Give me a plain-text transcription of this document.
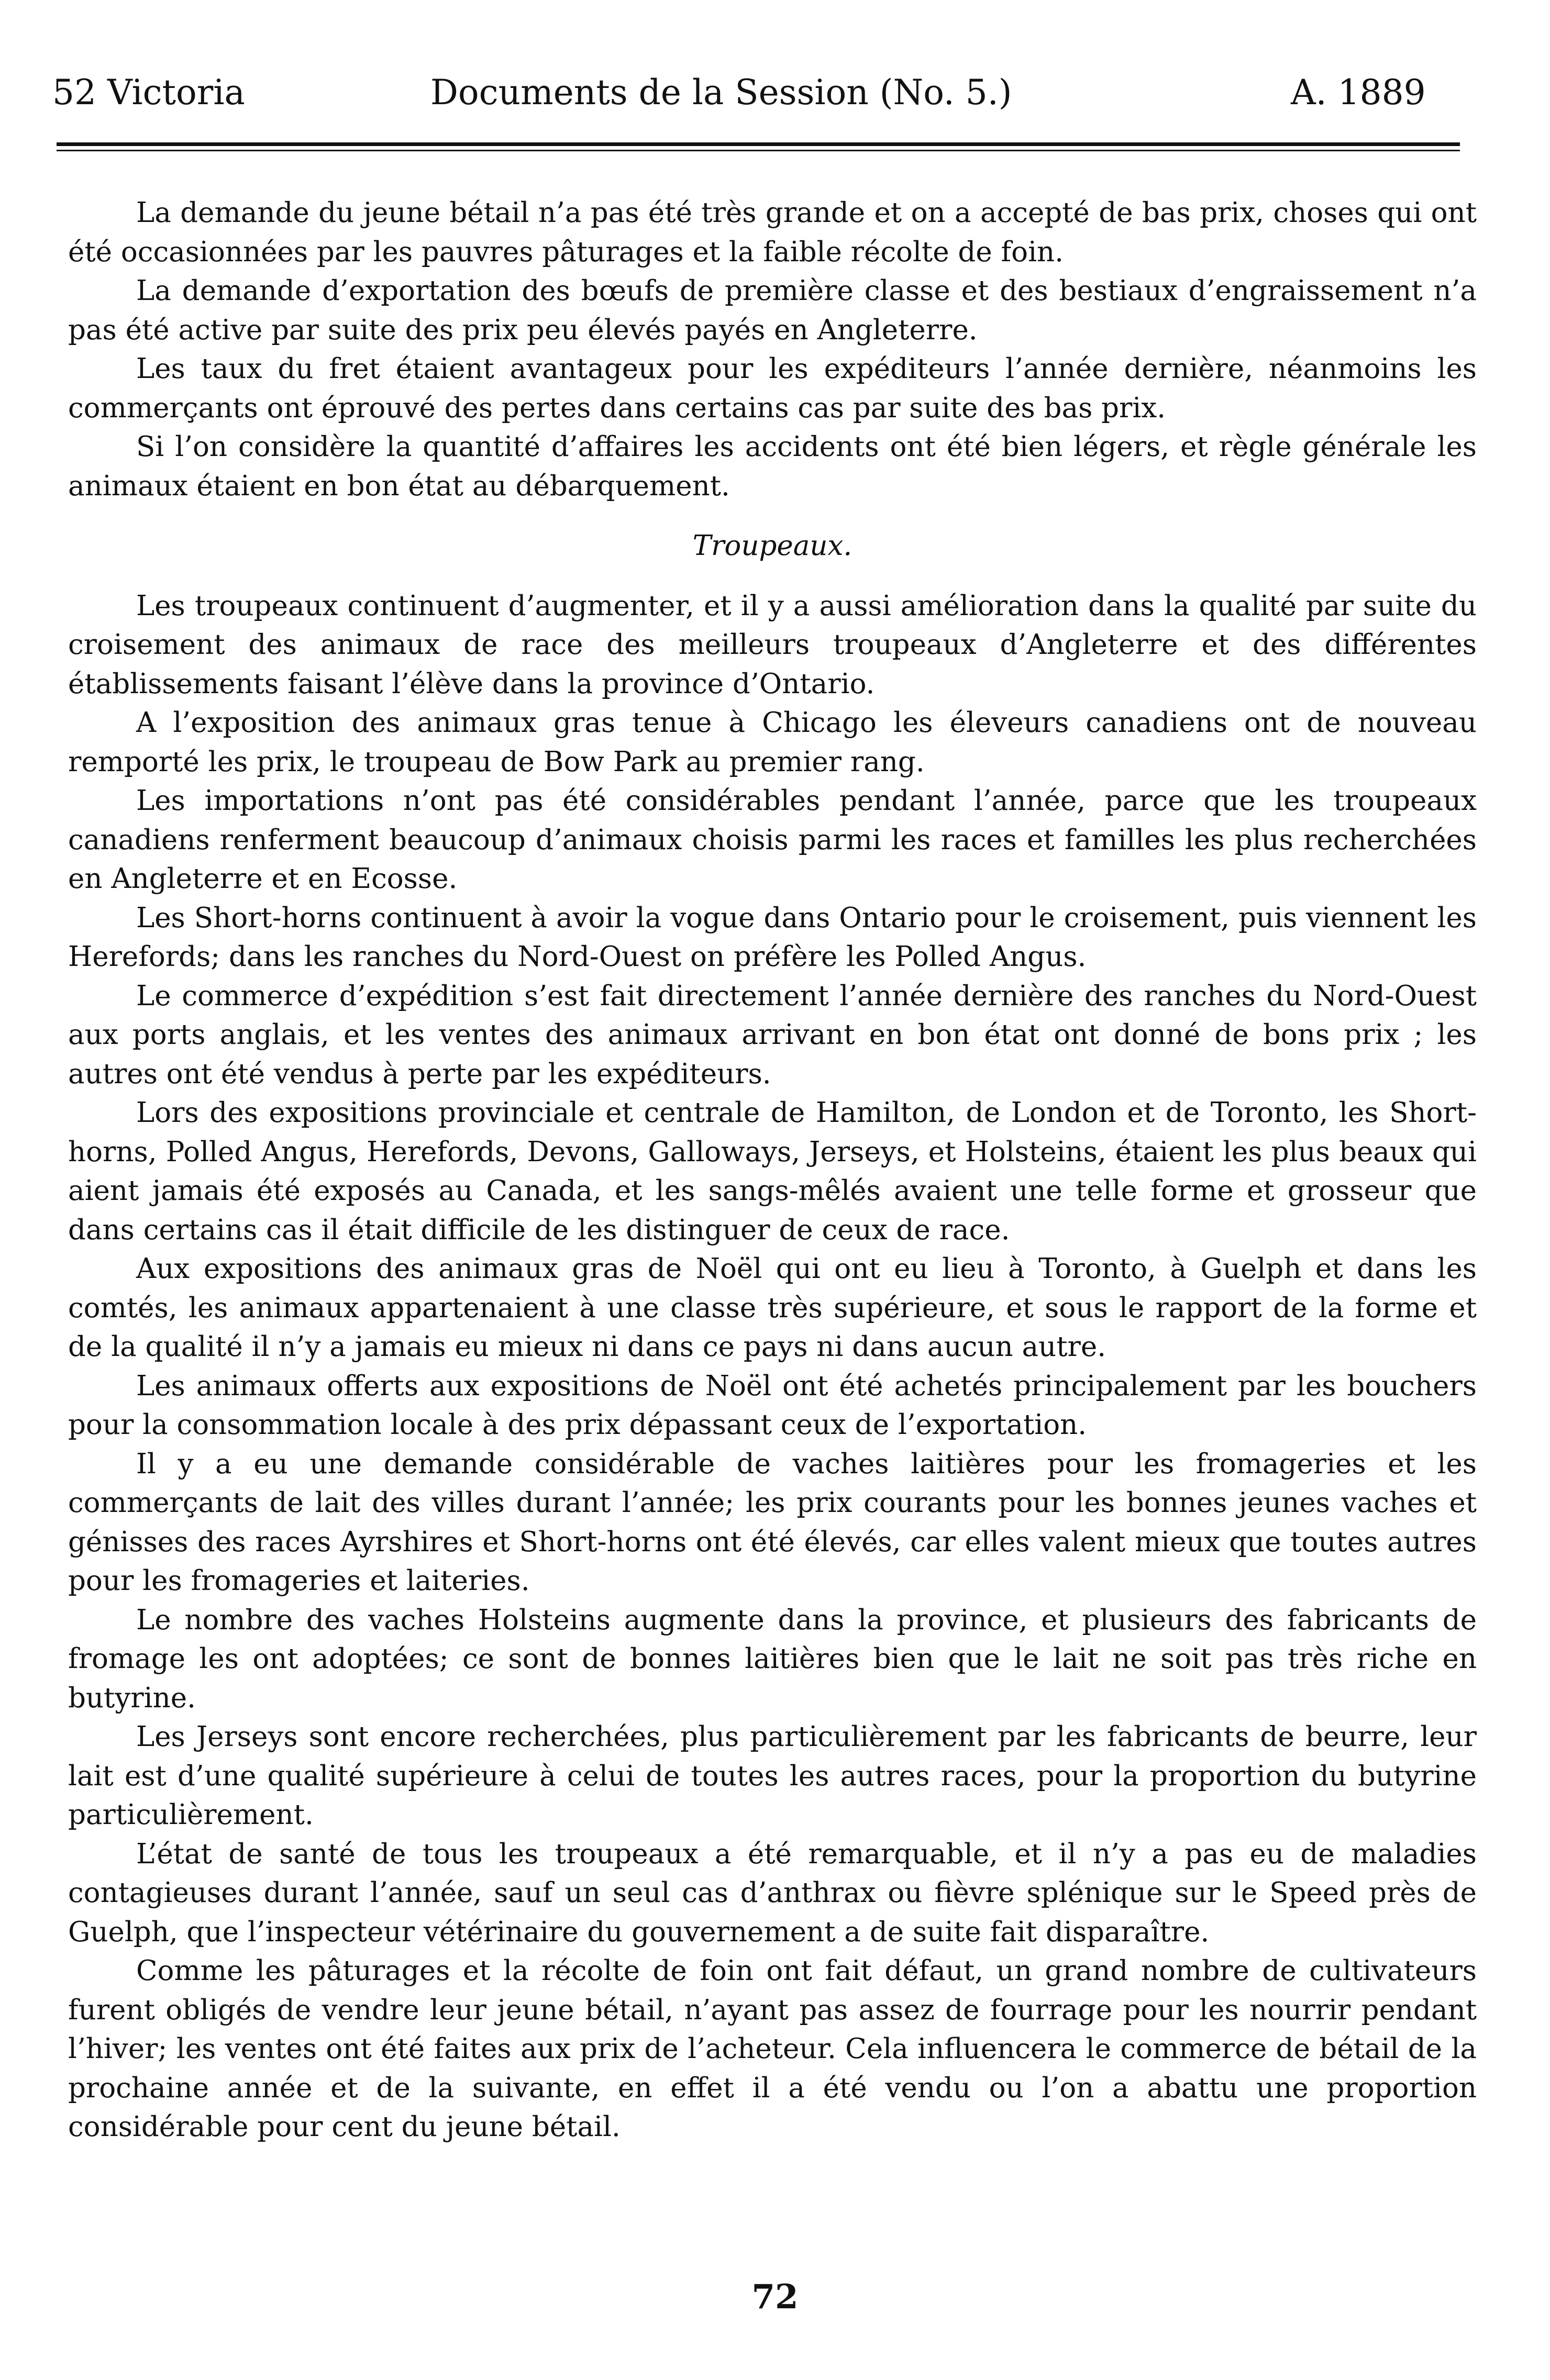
52 Victoria	Documents de la Session (No. 5.)	A. 1889

La demande du jeune bétail n’a pas été très grande et on a accepté de bas prix, choses qui ont été occasionnées par les pauvres pâturages et la faible récolte de foin.

La demande d’exportation des bœufs de première classe et des bestiaux d’engraissement n’a pas été active par suite des prix peu élevés payés en Angleterre.

Les taux du fret étaient avantageux pour les expéditeurs l’année dernière, néanmoins les commerçants ont éprouvé des pertes dans certains cas par suite des bas prix.

Si l’on considère la quantité d’affaires les accidents ont été bien légers, et règle générale les animaux étaient en bon état au débarquement.

Troupeaux.

Les troupeaux continuent d’augmenter, et il y a aussi amélioration dans la qualité par suite du croisement des animaux de race des meilleurs troupeaux d’Angleterre et des différentes établissements faisant l’élève dans la province d’Ontario.

A l’exposition des animaux gras tenue à Chicago les éleveurs canadiens ont de nouveau remporté les prix, le troupeau de Bow Park au premier rang.

Les importations n’ont pas été considérables pendant l’année, parce que les troupeaux canadiens renferment beaucoup d’animaux choisis parmi les races et familles les plus recherchées en Angleterre et en Ecosse.

Les Short-horns continuent à avoir la vogue dans Ontario pour le croisement, puis viennent les Herefords; dans les ranches du Nord-Ouest on préfère les Polled Angus.

Le commerce d’expédition s’est fait directement l’année dernière des ranches du Nord-Ouest aux ports anglais, et les ventes des animaux arrivant en bon état ont donné de bons prix ; les autres ont été vendus à perte par les expéditeurs.

Lors des expositions provinciale et centrale de Hamilton, de London et de Toronto, les Short-horns, Polled Angus, Herefords, Devons, Galloways, Jerseys, et Holsteins, étaient les plus beaux qui aient jamais été exposés au Canada, et les sangs-mêlés avaient une telle forme et grosseur que dans certains cas il était difficile de les distinguer de ceux de race.

Aux expositions des animaux gras de Noël qui ont eu lieu à Toronto, à Guelph et dans les comtés, les animaux appartenaient à une classe très supérieure, et sous le rapport de la forme et de la qualité il n’y a jamais eu mieux ni dans ce pays ni dans aucun autre.

Les animaux offerts aux expositions de Noël ont été achetés principalement par les bouchers pour la consommation locale à des prix dépassant ceux de l’exportation.

Il y a eu une demande considérable de vaches laitières pour les fromageries et les commerçants de lait des villes durant l’année; les prix courants pour les bonnes jeunes vaches et génisses des races Ayrshires et Short-horns ont été élevés, car elles valent mieux que toutes autres pour les fromageries et laiteries.

Le nombre des vaches Holsteins augmente dans la province, et plusieurs des fabricants de fromage les ont adoptées; ce sont de bonnes laitières bien que le lait ne soit pas très riche en butyrine.

Les Jerseys sont encore recherchées, plus particulièrement par les fabricants de beurre, leur lait est d’une qualité supérieure à celui de toutes les autres races, pour la proportion du butyrine particulièrement.

L’état de santé de tous les troupeaux a été remarquable, et il n’y a pas eu de maladies contagieuses durant l’année, sauf un seul cas d’anthrax ou fièvre splénique sur le Speed près de Guelph, que l’inspecteur vétérinaire du gouvernement a de suite fait disparaître.

Comme les pâturages et la récolte de foin ont fait défaut, un grand nombre de cultivateurs furent obligés de vendre leur jeune bétail, n’ayant pas assez de fourrage pour les nourrir pendant l’hiver; les ventes ont été faites aux prix de l’acheteur. Cela influencera le commerce de bétail de la prochaine année et de la suivante, en effet il a été vendu ou l’on a abattu une proportion considérable pour cent du jeune bétail.

72
